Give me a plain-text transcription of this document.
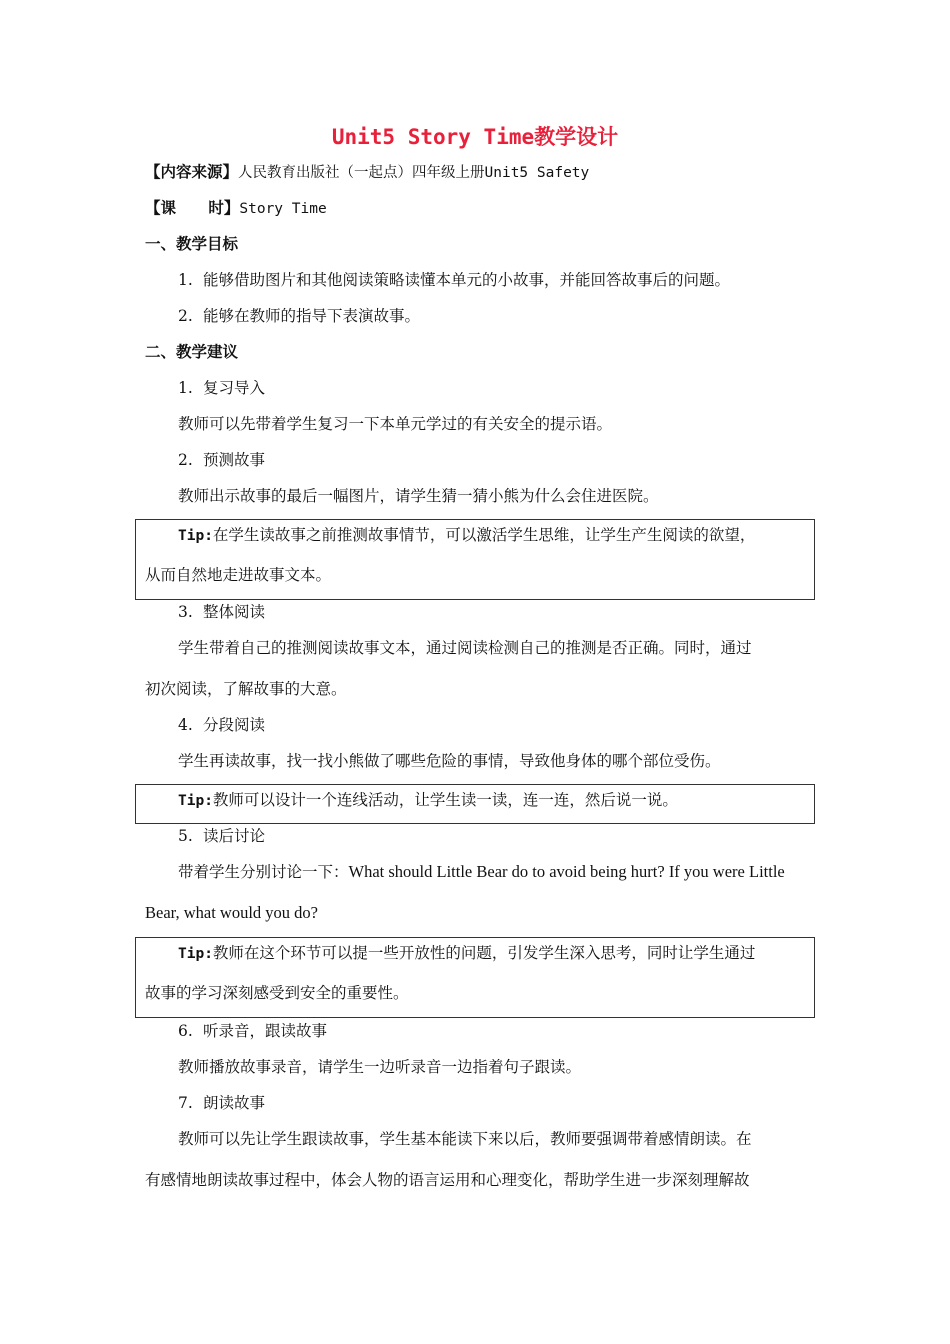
Unit5 Story Time教学设计
【内容来源】人民教育出版社（一起点）四年级上册Unit5 Safety
【课      时】Story Time
一、教学目标
1. 能够借助图片和其他阅读策略读懂本单元的小故事，并能回答故事后的问题。
2. 能够在教师的指导下表演故事。
二、教学建议
1. 复习导入
教师可以先带着学生复习一下本单元学过的有关安全的提示语。
2. 预测故事
教师出示故事的最后一幅图片，请学生猜一猜小熊为什么会住进医院。
Tip:在学生读故事之前推测故事情节，可以激活学生思维，让学生产生阅读的欲望，
从而自然地走进故事文本。
3. 整体阅读
学生带着自己的推测阅读故事文本，通过阅读检测自己的推测是否正确。同时，通过
初次阅读，了解故事的大意。
4. 分段阅读
学生再读故事，找一找小熊做了哪些危险的事情，导致他身体的哪个部位受伤。
Tip:教师可以设计一个连线活动，让学生读一读，连一连，然后说一说。
5. 读后讨论
带着学生分别讨论一下：What should Little Bear do to avoid being hurt? If you were Little
Bear, what would you do?
Tip:教师在这个环节可以提一些开放性的问题，引发学生深入思考，同时让学生通过
故事的学习深刻感受到安全的重要性。
6. 听录音，跟读故事
教师播放故事录音，请学生一边听录音一边指着句子跟读。
7. 朗读故事
教师可以先让学生跟读故事，学生基本能读下来以后，教师要强调带着感情朗读。在
有感情地朗读故事过程中，体会人物的语言运用和心理变化，帮助学生进一步深刻理解故
